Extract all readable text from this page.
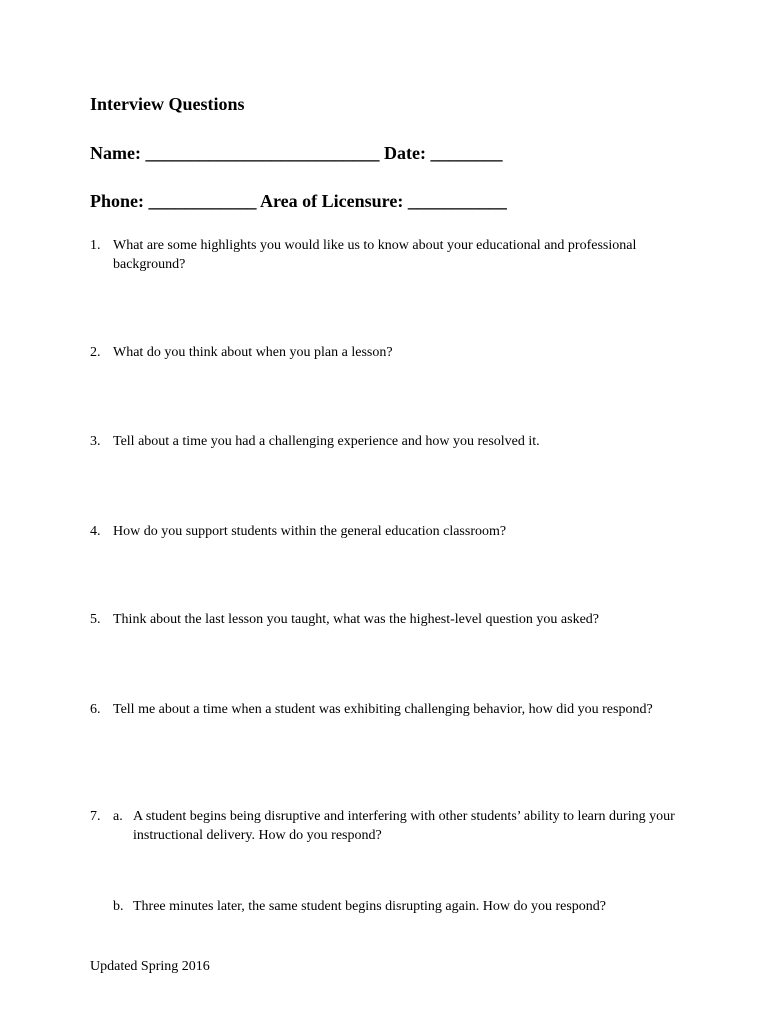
Interview Questions
Name: __________________________ Date: ________
Phone: ____________ Area of Licensure: ___________
1. What are some highlights you would like us to know about your educational and professional background?
2. What do you think about when you plan a lesson?
3. Tell about a time you had a challenging experience and how you resolved it.
4. How do you support students within the general education classroom?
5. Think about the last lesson you taught, what was the highest-level question you asked?
6. Tell me about a time when a student was exhibiting challenging behavior, how did you respond?
7. a. A student begins being disruptive and interfering with other students’ ability to learn during your instructional delivery. How do you respond?
b. Three minutes later, the same student begins disrupting again. How do you respond?
Updated Spring 2016
